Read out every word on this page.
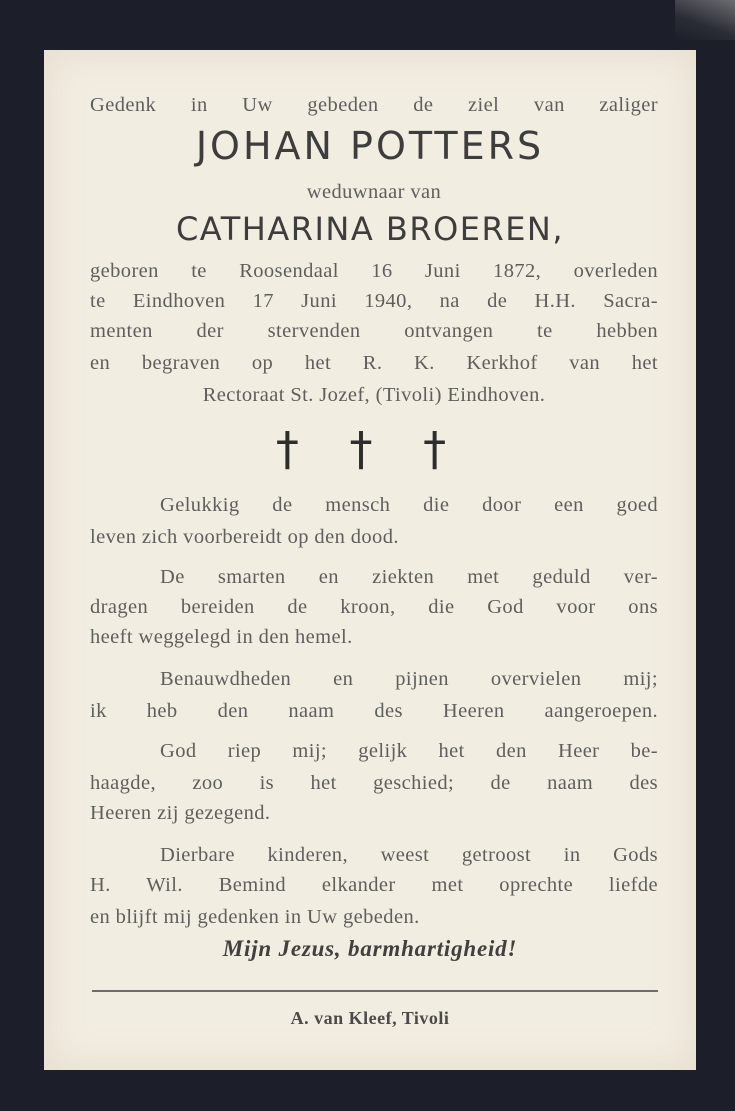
Gedenk in Uw gebeden de ziel van zaliger
JOHAN POTTERS
weduwnaar van
CATHARINA BROEREN,
geboren te Roosendaal 16 Juni 1872, overleden
te Eindhoven 17 Juni 1940, na de H.H. Sacra-
menten der stervenden ontvangen te hebben
en begraven op het R. K. Kerkhof van het
Rectoraat St. Jozef, (Tivoli) Eindhoven.
† † †
Gelukkig de mensch die door een goed
leven zich voorbereidt op den dood.
De smarten en ziekten met geduld ver-
dragen bereiden de kroon, die God voor ons
heeft weggelegd in den hemel.
Benauwdheden en pijnen overvielen mij;
ik heb den naam des Heeren aangeroepen.
God riep mij; gelijk het den Heer be-
haagde, zoo is het geschied; de naam des
Heeren zij gezegend.
Dierbare kinderen, weest getroost in Gods
H. Wil. Bemind elkander met oprechte liefde
en blijft mij gedenken in Uw gebeden.
Mijn Jezus, barmhartigheid!
A. van Kleef, Tivoli
